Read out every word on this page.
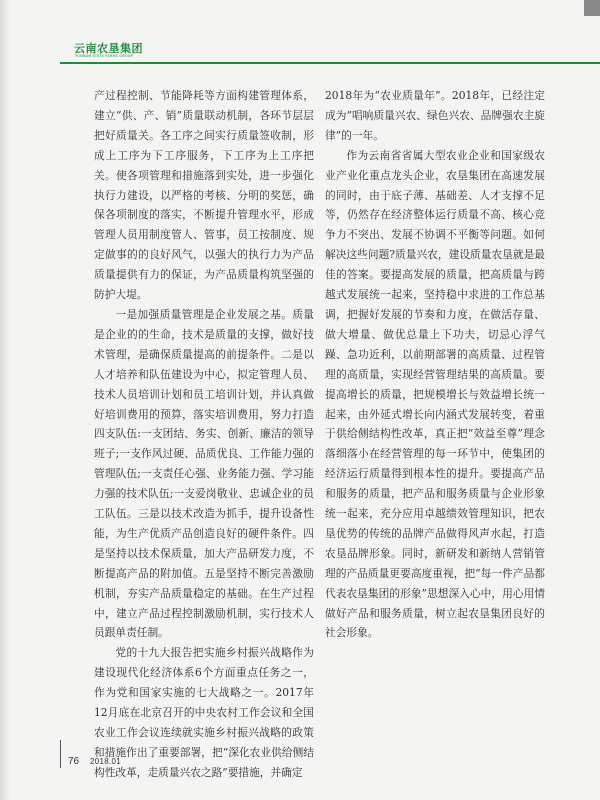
云南农垦集团
YUNNAN STATE FARMS GROUP

产过程控制、节能降耗等方面构建管理体系，建立“供、产、销”质量联动机制，各环节层层把好质量关。各工序之间实行质量签收制，形成上工序为下工序服务，下工序为上工序把关。使各项管理和措施落到实处，进一步强化执行力建设，以严格的考核、分明的奖惩，确保各项制度的落实，不断提升管理水平，形成管理人员用制度管人、管事，员工按制度、规定做事的的良好风气，以强大的执行力为产品质量提供有力的保证，为产品质量构筑坚强的防护大堤。

一是加强质量管理是企业发展之基。质量是企业的的生命，技术是质量的支撑，做好技术管理，是确保质量提高的前提条件。二是以人才培养和队伍建设为中心，拟定管理人员、技术人员培训计划和员工培训计划，并认真做好培训费用的预算，落实培训费用，努力打造四支队伍:一支团结、务实、创新、廉洁的领导班子;一支作风过硬、品质优良、工作能力强的管理队伍;一支责任心强、业务能力强、学习能力强的技术队伍;一支爱岗敬业、忠诚企业的员工队伍。三是以技术改造为抓手，提升设备性能，为生产优质产品创造良好的硬件条件。四是坚持以技术保质量，加大产品研发力度，不断提高产品的附加值。五是坚持不断完善激励机制，夯实产品质量稳定的基础。在生产过程中，建立产品过程控制激励机制，实行技术人员跟单责任制。

党的十九大报告把实施乡村振兴战略作为建设现代化经济体系6个方面重点任务之一，作为党和国家实施的七大战略之一。2017年12月底在北京召开的中央农村工作会议和全国农业工作会议连续就实施乡村振兴战略的政策和措施作出了重要部署，把“深化农业供给侧结构性改革，走质量兴农之路”要措施，并确定

2018年为“农业质量年”。2018年，已经注定成为“唱响质量兴农、绿色兴农、品牌强农主旋律”的一年。

作为云南省省属大型农业企业和国家级农业产业化重点龙头企业，农垦集团在高速发展的同时，由于底子薄、基础差、人才支撑不足等，仍然存在经济整体运行质量不高、核心竞争力不突出、发展不协调不平衡等问题。如何解决这些问题?质量兴农，建设质量农垦就是最佳的答案。要提高发展的质量，把高质量与跨越式发展统一起来，坚持稳中求进的工作总基调，把握好发展的节奏和力度，在做活存量、做大增量、做优总量上下功夫，切忌心浮气躁、急功近利，以前期部署的高质量、过程管理的高质量，实现经营管理结果的高质量。要提高增长的质量，把规模增长与效益增长统一起来，由外延式增长向内涵式发展转变，着重于供给侧结构性改革，真正把“效益至尊”理念落细落小在经营管理的每一环节中，使集团的经济运行质量得到根本性的提升。要提高产品和服务的质量，把产品和服务质量与企业形象统一起来，充分应用卓越绩效管理知识，把农垦优势的传统的品牌产品做得风声水起，打造农垦品牌形象。同时，新研发和新纳人营销管理的产品质量更要高度重视，把“每一件产品都代表农垦集团的形象”思想深入心中，用心用情做好产品和服务质量，树立起农垦集团良好的社会形象。

76 2018.01
